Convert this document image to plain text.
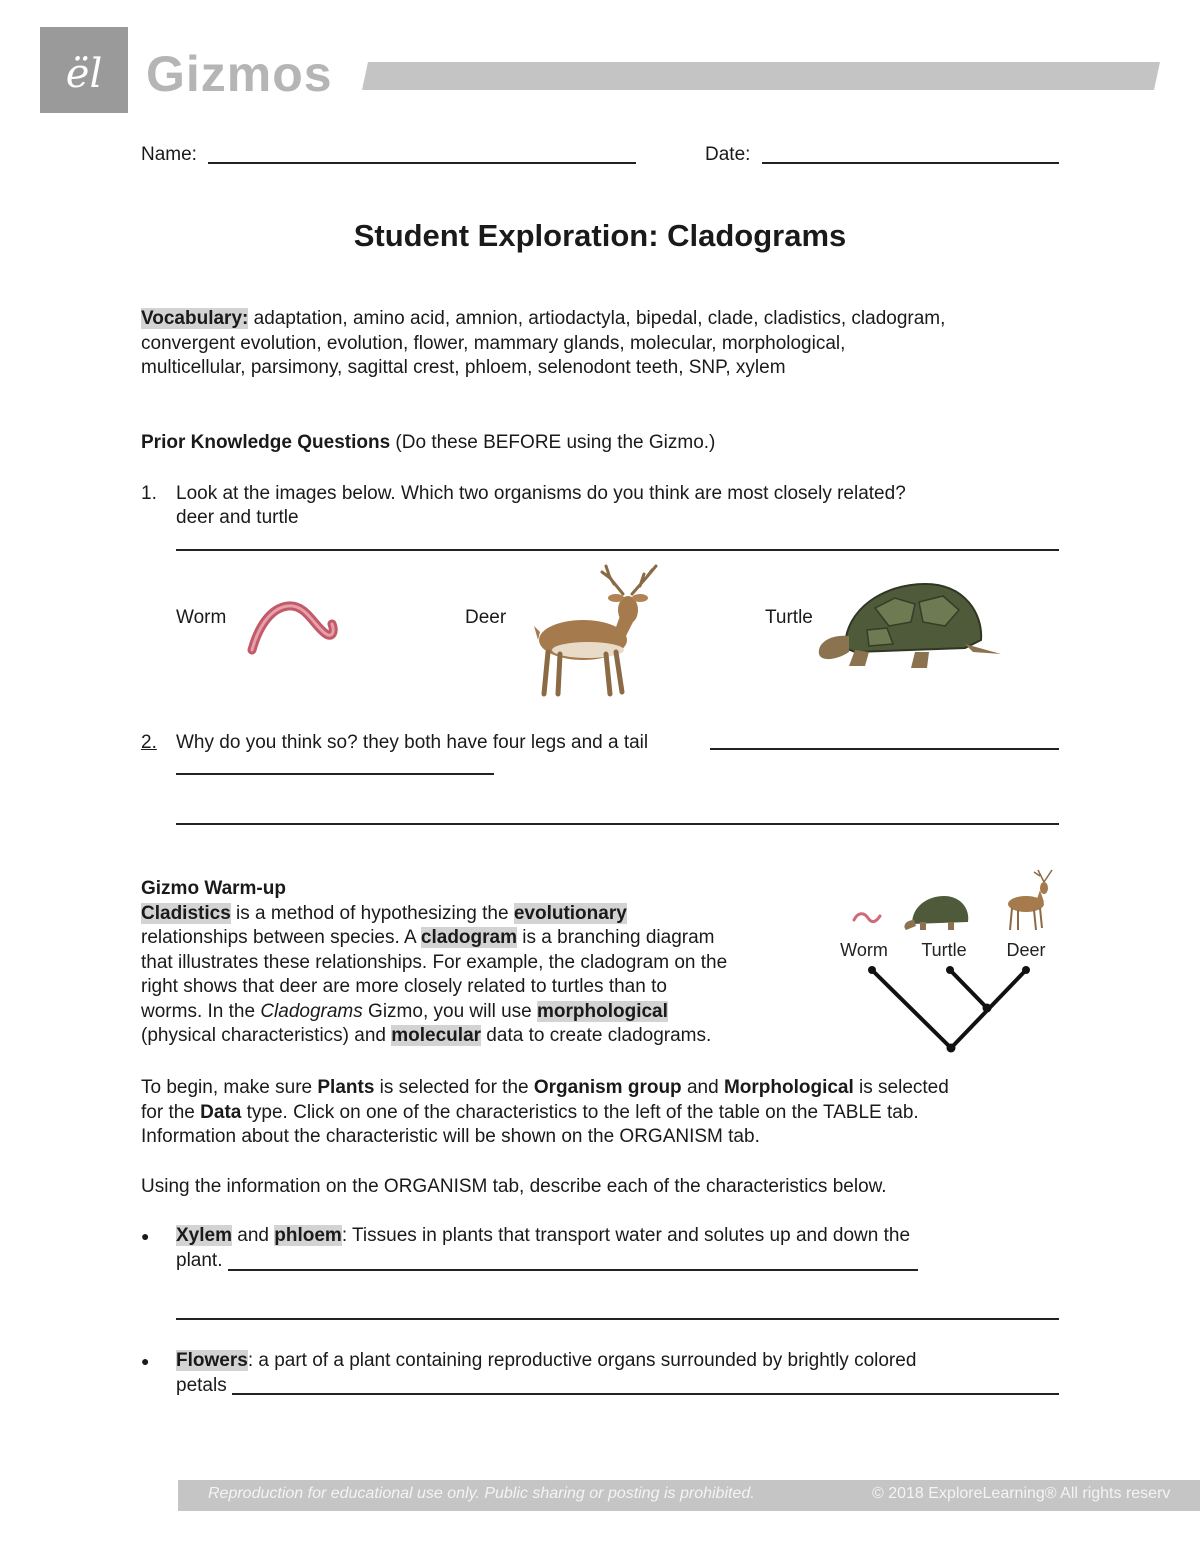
ël Gizmos
Name:	Date:
Student Exploration: Cladograms
Vocabulary: adaptation, amino acid, amnion, artiodactyla, bipedal, clade, cladistics, cladogram,
convergent evolution, evolution, flower, mammary glands, molecular, morphological,
multicellular, parsimony, sagittal crest, phloem, selenodont teeth, SNP, xylem
Prior Knowledge Questions (Do these BEFORE using the Gizmo.)
1. Look at the images below. Which two organisms do you think are most closely related?
deer and turtle
Worm	Deer	Turtle
2. Why do you think so? they both have four legs and a tail
Gizmo Warm-up
Cladistics is a method of hypothesizing the evolutionary
relationships between species. A cladogram is a branching diagram
that illustrates these relationships. For example, the cladogram on the
right shows that deer are more closely related to turtles than to
worms. In the Cladograms Gizmo, you will use morphological
(physical characteristics) and molecular data to create cladograms.
Worm Turtle Deer
To begin, make sure Plants is selected for the Organism group and Morphological is selected
for the Data type. Click on one of the characteristics to the left of the table on the TABLE tab.
Information about the characteristic will be shown on the ORGANISM tab.
Using the information on the ORGANISM tab, describe each of the characteristics below.
● Xylem and phloem: Tissues in plants that transport water and solutes up and down the
plant.
● Flowers: a part of a plant containing reproductive organs surrounded by brightly colored
petals
Reproduction for educational use only. Public sharing or posting is prohibited.	© 2018 ExploreLearning® All rights reserv
